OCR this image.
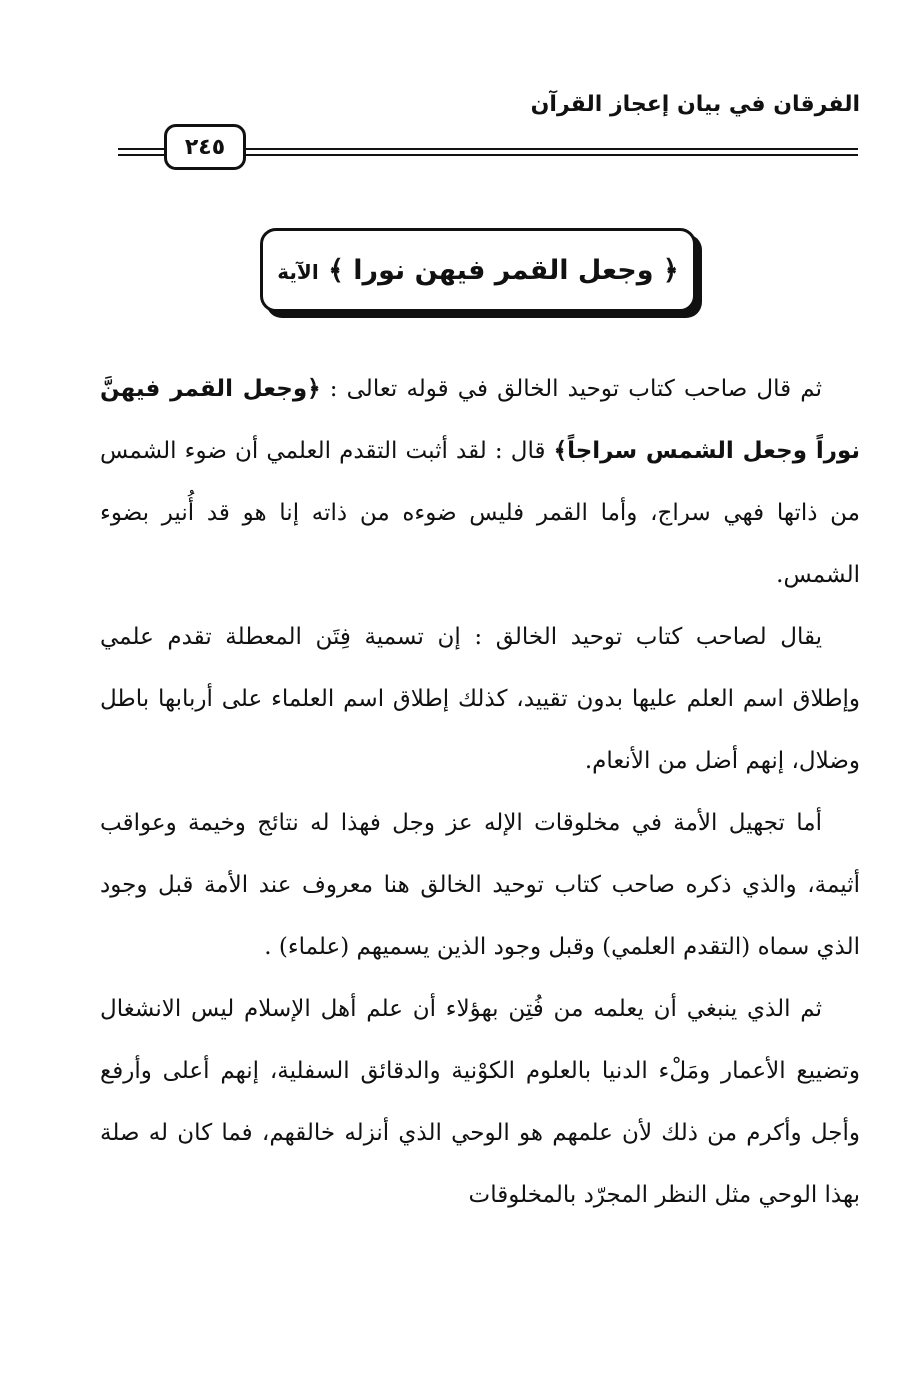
الفرقان في بيان إعجاز القرآن
٢٤٥
﴿ وجعل القمر فيهن نورا ﴾ الآية

ثم قال صاحب كتاب توحيد الخالق في قوله تعالى : ﴿وجعل القمر فيهنَّ نوراً وجعل الشمس سراجاً﴾ قال : لقد أثبت التقدم العلمي أن ضوء الشمس من ذاتها فهي سراج، وأما القمر فليس ضوءه من ذاته إنا هو قد أُنير بضوء الشمس.

يقال لصاحب كتاب توحيد الخالق : إن تسمية فِتَن المعطلة تقدم علمي وإطلاق اسم العلم عليها بدون تقييد، كذلك إطلاق اسم العلماء على أربابها باطل وضلال، إنهم أضل من الأنعام.

أما تجهيل الأمة في مخلوقات الإله عز وجل فهذا له نتائج وخيمة وعواقب أثيمة، والذي ذكره صاحب كتاب توحيد الخالق هنا معروف عند الأمة قبل وجود الذي سماه (التقدم العلمي) وقبل وجود الذين يسميهم (علماء) .

ثم الذي ينبغي أن يعلمه من فُتِن بهؤلاء أن علم أهل الإسلام ليس الانشغال وتضييع الأعمار ومَلْء الدنيا بالعلوم الكوْنية والدقائق السفلية، إنهم أعلى وأرفع وأجل وأكرم من ذلك لأن علمهم هو الوحي الذي أنزله خالقهم، فما كان له صلة بهذا الوحي مثل النظر المجرّد بالمخلوقات
